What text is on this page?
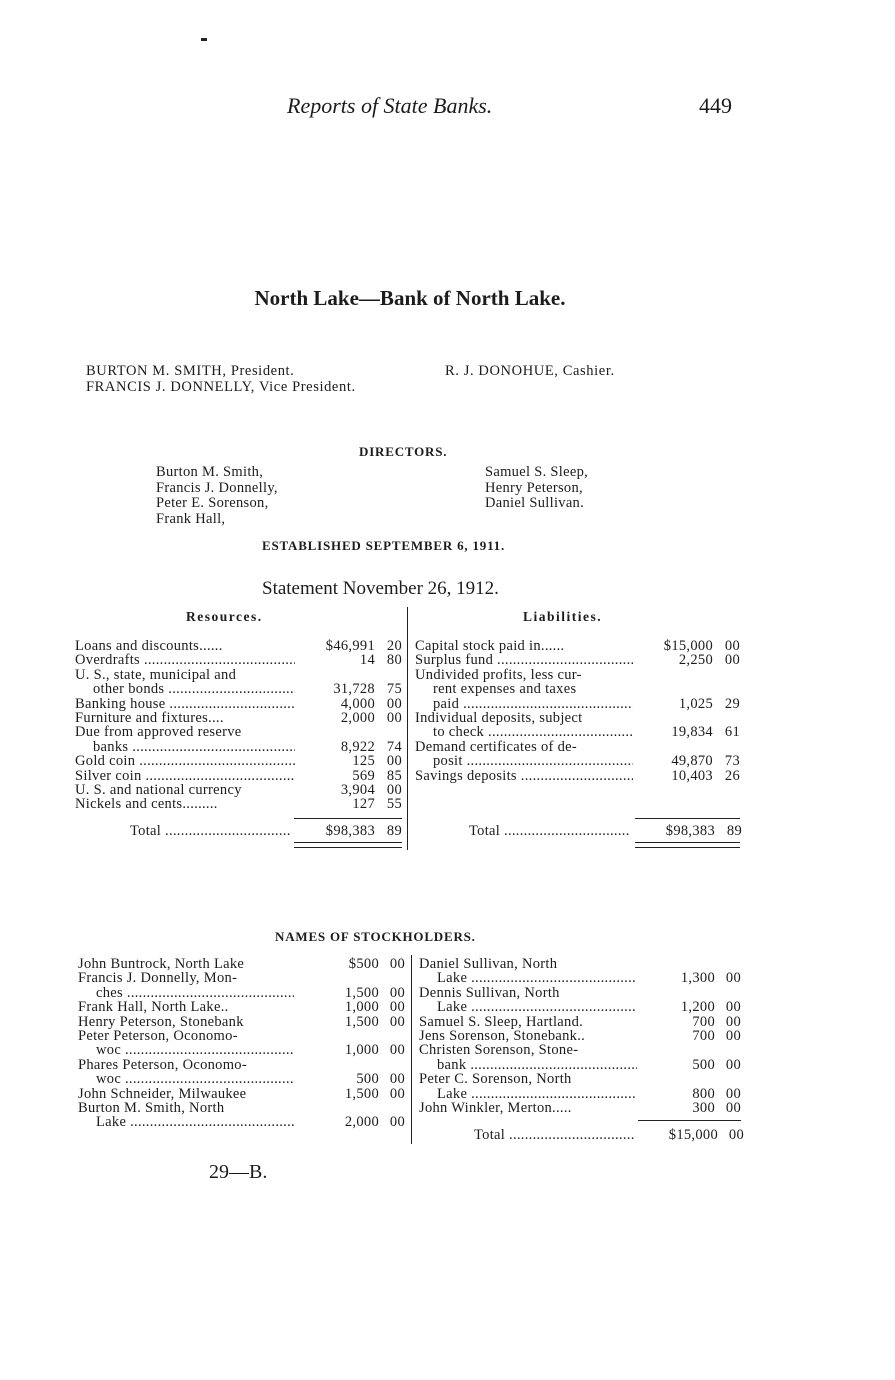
Reports of State Banks.	449
North Lake—Bank of North Lake.
BURTON M. SMITH, President.
FRANCIS J. DONNELLY, Vice President.
R. J. DONOHUE, Cashier.
DIRECTORS.
Burton M. Smith,
Francis J. Donnelly,
Peter E. Sorenson,
Frank Hall,
Samuel S. Sleep,
Henry Peterson,
Daniel Sullivan.
ESTABLISHED SEPTEMBER 6, 1911.
Statement November 26, 1912.
Resources.	Liabilities.
Loans and discounts......	$46,991 20
Overdrafts .....	14 80
U. S., state, municipal and
other bonds .....	31,728 75
Banking house .....	4,000 00
Furniture and fixtures....	2,000 00
Due from approved reserve
banks .....	8,922 74
Gold coin .....	125 00
Silver coin .....	569 85
U. S. and national currency	3,904 00
Nickels and cents.........	127 55
Total .....	$98,383 89
Capital stock paid in......	$15,000 00
Surplus fund .....	2,250 00
Undivided profits, less cur-
rent expenses and taxes
paid .....	1,025 29
Individual deposits, subject
to check .....	19,834 61
Demand certificates of de-
posit .....	49,870 73
Savings deposits .....	10,403 26
Total .....	$98,383 89
NAMES OF STOCKHOLDERS.
John Buntrock, North Lake	$500 00
Francis J. Donnelly, Mon-
ches .....	1,500 00
Frank Hall, North Lake..	1,000 00
Henry Peterson, Stonebank	1,500 00
Peter Peterson, Oconomo-
woc .....	1,000 00
Phares Peterson, Oconomo-
woc .....	500 00
John Schneider, Milwaukee	1,500 00
Burton M. Smith, North
Lake .....	2,000 00
Daniel Sullivan, North
Lake .....	1,300 00
Dennis Sullivan, North
Lake .....	1,200 00
Samuel S. Sleep, Hartland.	700 00
Jens Sorenson, Stonebank..	700 00
Christen Sorenson, Stone-
bank .....	500 00
Peter C. Sorenson, North
Lake .....	800 00
John Winkler, Merton.....	300 00
Total .....	$15,000 00
29—B.
